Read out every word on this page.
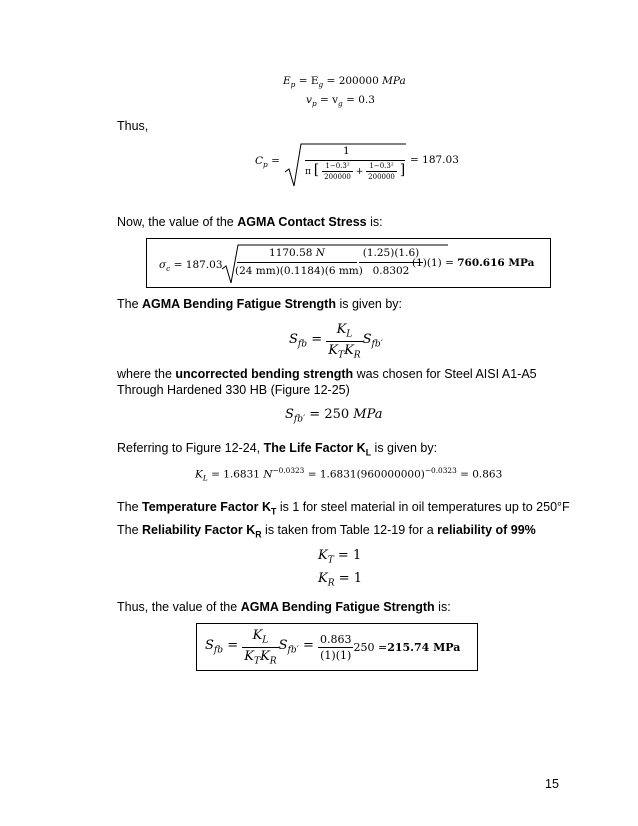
$E_p = E_g = 200000$ MPa
$v_p = v_g = 0.3$
Thus,
$C_p$ =
1
π [ $\frac{\text{1−0.3²}}{200000} + \frac{\text{1−0.3²}}{200000}$ ]
= 187.03
Now, the value of the AGMA Contact Stress is:
$\sigma_c = 187.03$
1170.58 N
(24 mm)(0.1184)(6 mm)
(1.25)(1.6)
0.8302
(1)(1) = 760.616 MPa
The AGMA Bending Fatigue Strength is given by:
$S_{fb} = \frac{K_L}{K_TK_R} S_{fb'}$
where the uncorrected bending strength was chosen for Steel AISI A1-A5
Through Hardened 330 HB (Figure 12-25)
$S_{fb'} = 250$ MPa
Referring to Figure 12-24, The Life Factor $K_L$ is given by:
$K_L = 1.6831$ $N^{-0.0323} = 1.6831(960000000)^{-0.0323} = 0.863$
The Temperature Factor $K_T$ is 1 for steel material in oil temperatures up to 250°F
The Reliability Factor $K_R$ is taken from Table 12-19 for a reliability of 99%
$K_T = 1$
$K_R = 1$
Thus, the value of the AGMA Bending Fatigue Strength is:
$S_{fb} = \frac{K_L}{K_TK_R} S_{fb'} = \frac{0.863}{(1)(1)} 250 = 215.74$ MPa
15
